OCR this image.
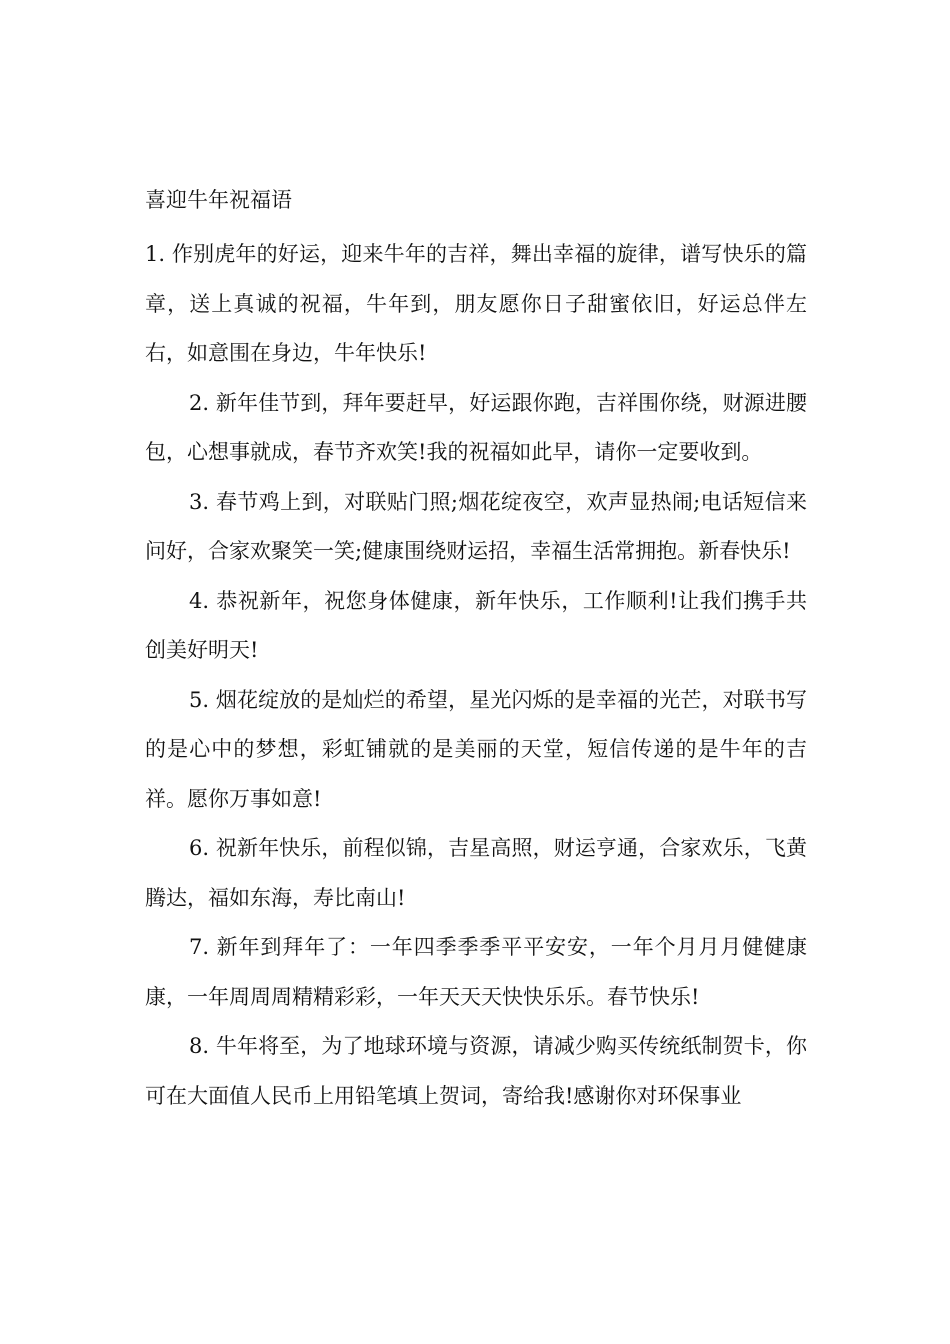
喜迎牛年祝福语

1. 作别虎年的好运，迎来牛年的吉祥，舞出幸福的旋律，谱写快乐的篇章，送上真诚的祝福，牛年到，朋友愿你日子甜蜜依旧，好运总伴左右，如意围在身边，牛年快乐!

2. 新年佳节到，拜年要赶早，好运跟你跑，吉祥围你绕，财源进腰包，心想事就成，春节齐欢笑!我的祝福如此早，请你一定要收到。

3. 春节鸡上到，对联贴门照;烟花绽夜空，欢声显热闹;电话短信来问好，合家欢聚笑一笑;健康围绕财运招，幸福生活常拥抱。新春快乐!

4. 恭祝新年，祝您身体健康，新年快乐，工作顺利!让我们携手共创美好明天!

5. 烟花绽放的是灿烂的希望，星光闪烁的是幸福的光芒，对联书写的是心中的梦想，彩虹铺就的是美丽的天堂，短信传递的是牛年的吉祥。愿你万事如意!

6. 祝新年快乐，前程似锦，吉星高照，财运亨通，合家欢乐，飞黄腾达，福如东海，寿比南山!

7. 新年到拜年了：一年四季季季平平安安，一年个月月月健健康康，一年周周周精精彩彩，一年天天天快快乐乐。春节快乐!

8. 牛年将至，为了地球环境与资源，请减少购买传统纸制贺卡，你可在大面值人民币上用铅笔填上贺词，寄给我!感谢你对环保事业
